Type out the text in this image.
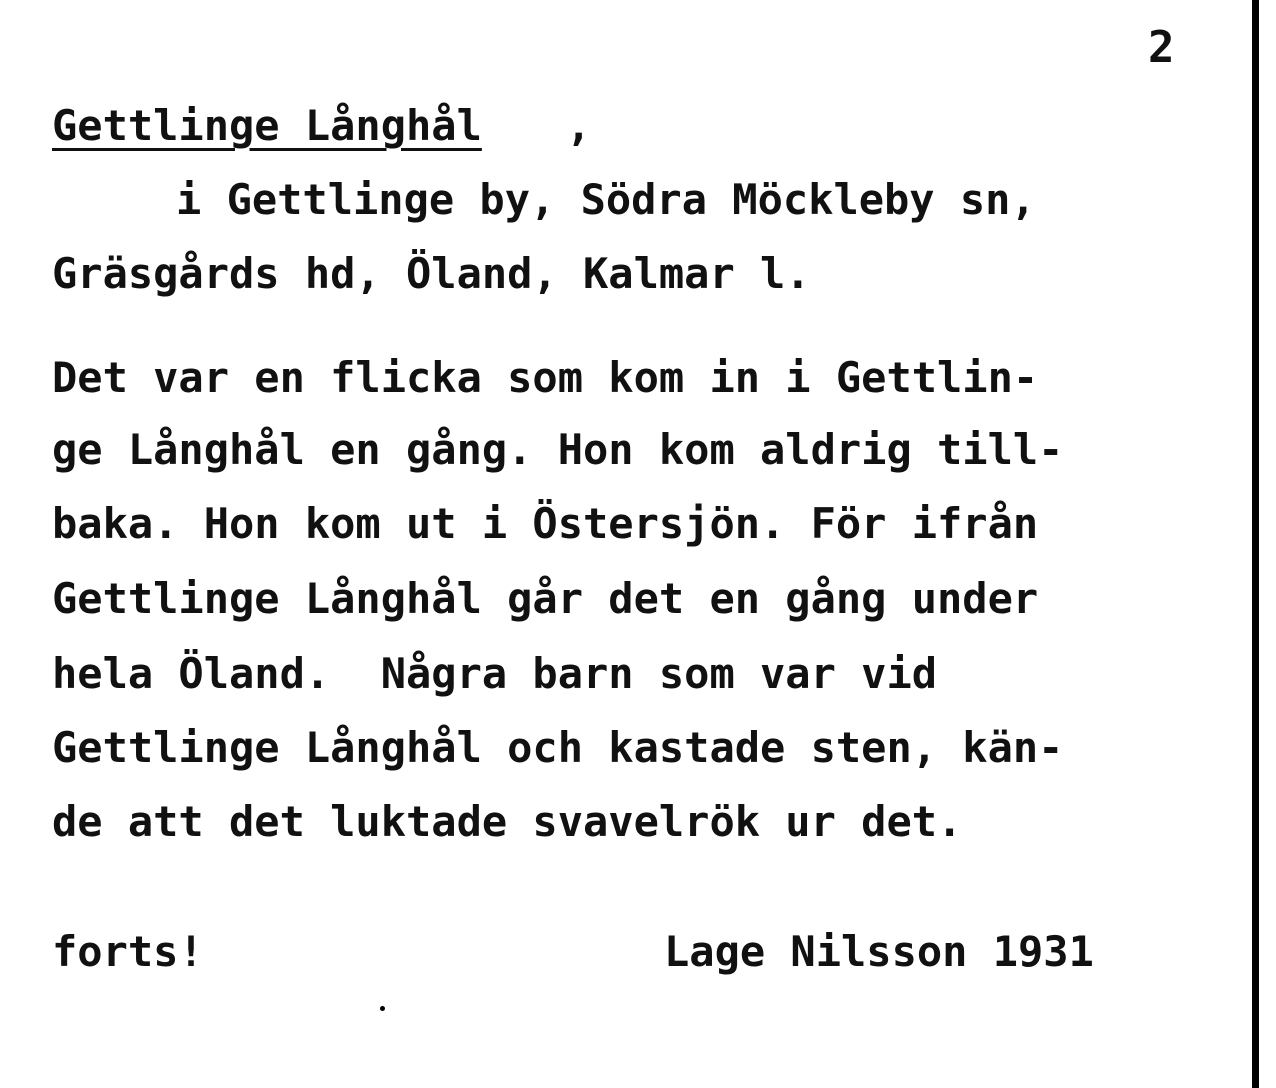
2
Gettlinge Långhål ,
i Gettlinge by, Södra Möckleby sn,
Gräsgårds hd, Öland, Kalmar l.
Det var en flicka som kom in i Gettlin-
ge Långhål en gång. Hon kom aldrig till-
baka. Hon kom ut i Östersjön. För ifrån
Gettlinge Långhål går det en gång under
hela Öland.  Några barn som var vid
Gettlinge Långhål och kastade sten, kän-
de att det luktade svavelrök ur det.
forts!	Lage Nilsson 1931
